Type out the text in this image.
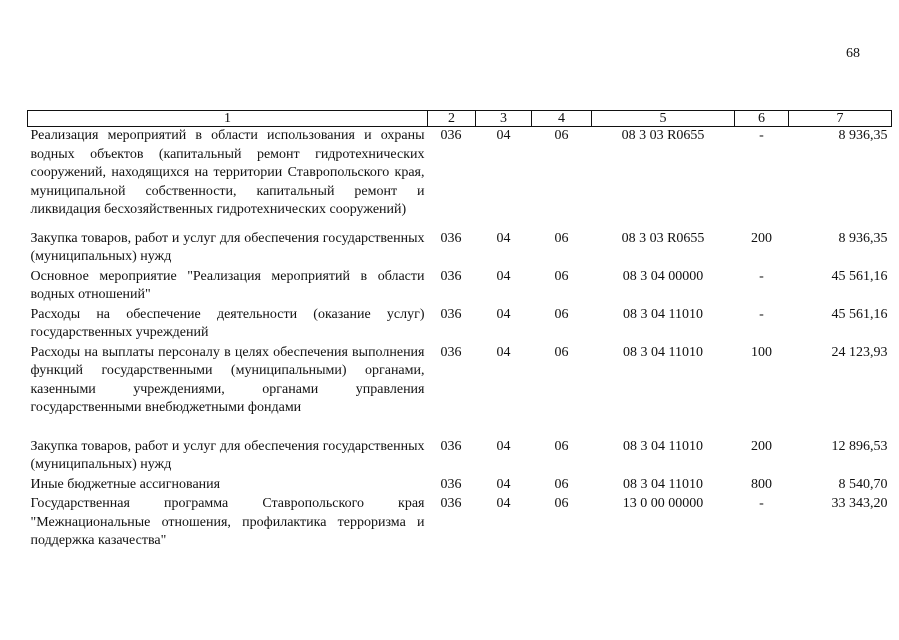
68
1	2	3	4	5	6	7
Реализация мероприятий в области использования и охраны водных объектов (капитальный ремонт гидротехнических сооружений, находящихся на территории Ставропольского края, муниципальной собственности, капитальный ремонт и ликвидация бесхозяйственных гидротехнических сооружений)	036	04	06	08 3 03 R0655	-	8 936,35
Закупка товаров, работ и услуг для обеспечения государственных (муниципальных) нужд	036	04	06	08 3 03 R0655	200	8 936,35
Основное мероприятие "Реализация мероприятий в области водных отношений"	036	04	06	08 3 04 00000	-	45 561,16
Расходы на обеспечение деятельности (оказание услуг) государственных учреждений	036	04	06	08 3 04 11010	-	45 561,16
Расходы на выплаты персоналу в целях обеспечения выполнения функций государственными (муниципальными) органами, казенными учреждениями, органами управления государственными внебюджетными фондами	036	04	06	08 3 04 11010	100	24 123,93
Закупка товаров, работ и услуг для обеспечения государственных (муниципальных) нужд	036	04	06	08 3 04 11010	200	12 896,53
Иные бюджетные ассигнования	036	04	06	08 3 04 11010	800	8 540,70
Государственная программа Ставропольского края "Межнациональные отношения, профилактика терроризма и поддержка казачества"	036	04	06	13 0 00 00000	-	33 343,20
